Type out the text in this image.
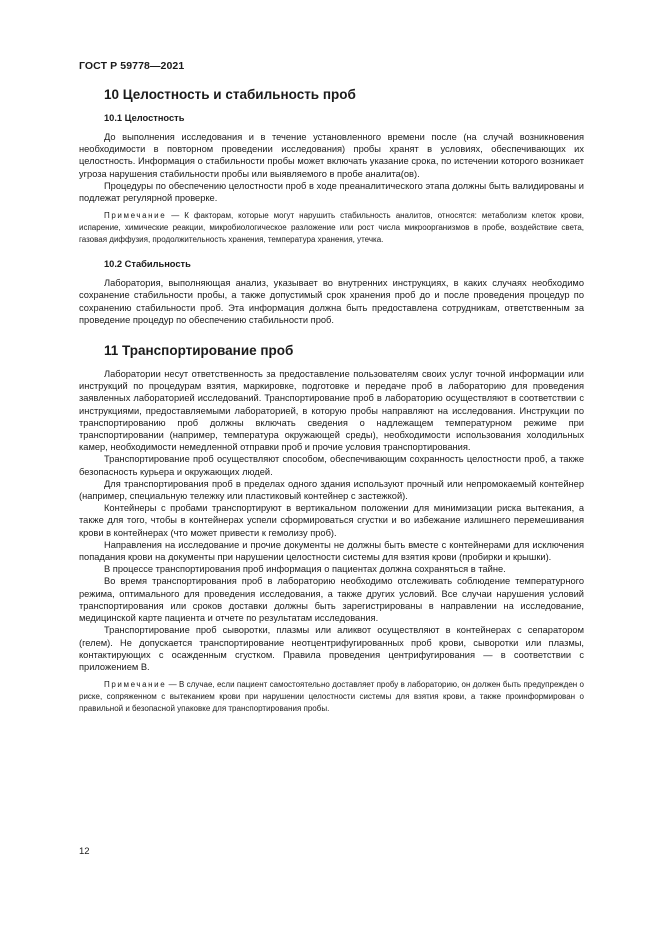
ГОСТ Р 59778—2021
10 Целостность и стабильность проб
10.1 Целостность

До выполнения исследования и в течение установленного времени после (на случай возникновения необходимости в повторном проведении исследования) пробы хранят в условиях, обеспечивающих их целостность. Информация о стабильности пробы может включать указание срока, по истечении которого возникает угроза нарушения стабильности пробы или выявляемого в пробе аналита(ов).

Процедуры по обеспечению целостности проб в ходе преаналитического этапа должны быть валидированы и подлежат регулярной проверке.

Примечание — К факторам, которые могут нарушить стабильность аналитов, относятся: метаболизм клеток крови, испарение, химические реакции, микробиологическое разложение или рост числа микроорганизмов в пробе, воздействие света, газовая диффузия, продолжительность хранения, температура хранения, утечка.

10.2 Стабильность

Лаборатория, выполняющая анализ, указывает во внутренних инструкциях, в каких случаях необходимо сохранение стабильности пробы, а также допустимый срок хранения проб до и после проведения процедур по сохранению стабильности проб. Эта информация должна быть предоставлена сотрудникам, ответственным за проведение процедур по обеспечению стабильности проб.

11 Транспортирование проб

Лаборатории несут ответственность за предоставление пользователям своих услуг точной информации или инструкций по процедурам взятия, маркировке, подготовке и передаче проб в лабораторию для проведения заявленных лабораторией исследований. Транспортирование проб в лабораторию осуществляют в соответствии с инструкциями, предоставляемыми лабораторией, в которую пробы направляют на исследования. Инструкции по транспортированию проб должны включать сведения о надлежащем температурном режиме при транспортировании (например, температура окружающей среды), необходимости использования холодильных камер, необходимости немедленной отправки проб и прочие условия транспортирования.

Транспортирование проб осуществляют способом, обеспечивающим сохранность целостности проб, а также безопасность курьера и окружающих людей.

Для транспортирования проб в пределах одного здания используют прочный или непромокаемый контейнер (например, специальную тележку или пластиковый контейнер с застежкой).

Контейнеры с пробами транспортируют в вертикальном положении для минимизации риска вытекания, а также для того, чтобы в контейнерах успели сформироваться сгустки и во избежание излишнего перемешивания крови в контейнерах (что может привести к гемолизу проб).

Направления на исследование и прочие документы не должны быть вместе с контейнерами для исключения попадания крови на документы при нарушении целостности системы для взятия крови (пробирки и крышки).

В процессе транспортирования проб информация о пациентах должна сохраняться в тайне.

Во время транспортирования проб в лабораторию необходимо отслеживать соблюдение температурного режима, оптимального для проведения исследования, а также других условий. Все случаи нарушения условий транспортирования или сроков доставки должны быть зарегистрированы в направлении на исследование, медицинской карте пациента и отчете по результатам исследования.

Транспортирование проб сыворотки, плазмы или аликвот осуществляют в контейнерах с сепаратором (гелем). Не допускается транспортирование неотцентрифугированных проб крови, сыворотки или плазмы, контактирующих с осажденным сгустком. Правила проведения центрифугирования — в соответствии с приложением В.

Примечание — В случае, если пациент самостоятельно доставляет пробу в лабораторию, он должен быть предупрежден о риске, сопряженном с вытеканием крови при нарушении целостности системы для взятия крови, а также проинформирован о правильной и безопасной упаковке для транспортирования пробы.

12
